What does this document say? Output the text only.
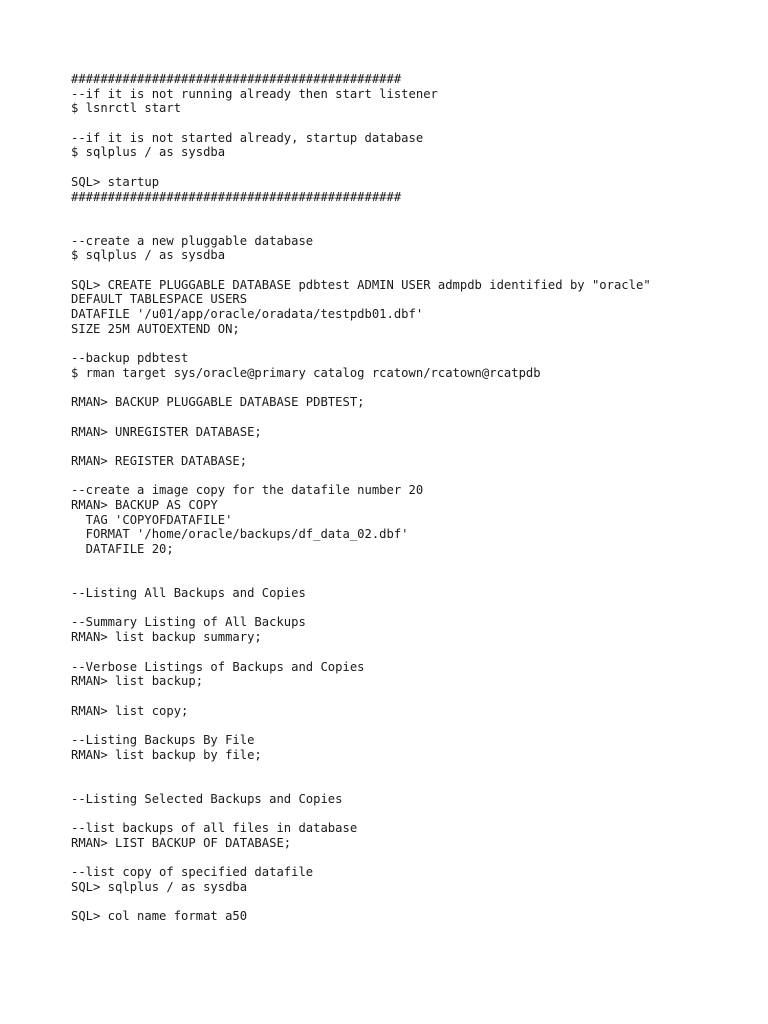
#############################################
--if it is not running already then start listener
$ lsnrctl start
--if it is not started already, startup database
$ sqlplus / as sysdba
SQL> startup
#############################################
--create a new pluggable database
$ sqlplus / as sysdba
SQL> CREATE PLUGGABLE DATABASE pdbtest ADMIN USER admpdb identified by "oracle"
DEFAULT TABLESPACE USERS
DATAFILE '/u01/app/oracle/oradata/testpdb01.dbf'
SIZE 25M AUTOEXTEND ON;
--backup pdbtest
$ rman target sys/oracle@primary catalog rcatown/rcatown@rcatpdb
RMAN> BACKUP PLUGGABLE DATABASE PDBTEST;
RMAN> UNREGISTER DATABASE;
RMAN> REGISTER DATABASE;
--create a image copy for the datafile number 20
RMAN> BACKUP AS COPY
TAG 'COPYOFDATAFILE'
FORMAT '/home/oracle/backups/df_data_02.dbf'
DATAFILE 20;
--Listing All Backups and Copies
--Summary Listing of All Backups
RMAN> list backup summary;
--Verbose Listings of Backups and Copies
RMAN> list backup;
RMAN> list copy;
--Listing Backups By File
RMAN> list backup by file;
--Listing Selected Backups and Copies
--list backups of all files in database
RMAN> LIST BACKUP OF DATABASE;
--list copy of specified datafile
SQL> sqlplus / as sysdba
SQL> col name format a50
